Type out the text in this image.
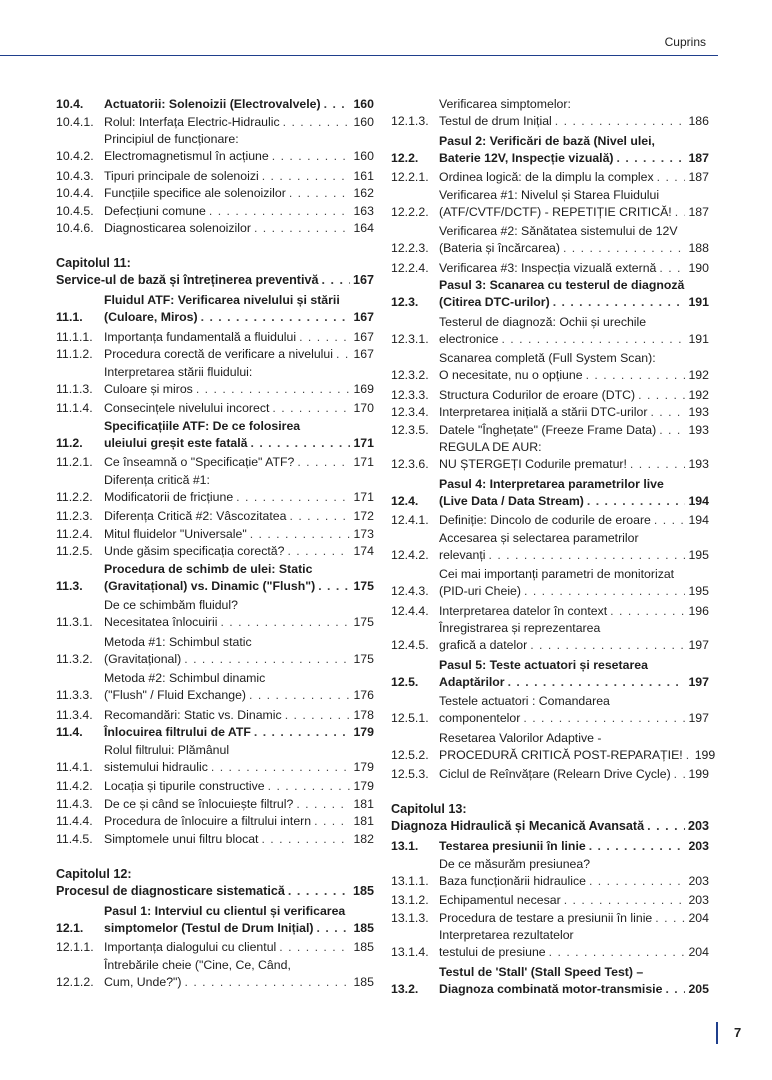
Cuprins
10.4.	Actuatorii: Solenoizii (Electrovalvele) . . .	160
10.4.1. Rolul: Interfața Electric-Hidraulic . . .	160
10.4.2.
Principiul de funcționare:
Electromagnetismul în acțiune . . .	160
10.4.3. Tipuri principale de solenoizi . . .	161
10.4.4. Funcțiile specifice ale solenoizilor . . .	162
10.4.5. Defecțiuni comune . . .	163
10.4.6. Diagnosticarea solenoizilor . . .	164
Capitolul 11:
Service-ul de bază și întreținerea preventivă . . .	167
11.1.
Fluidul ATF: Verificarea nivelului și stării
(Culoare, Miros) . . .	167
11.1.1. Importanța fundamentală a fluidului . . .	167
11.1.2. Procedura corectă de verificare a nivelului . . . 167
11.1.3.
Interpretarea stării fluidului:
Culoare și miros . . .	169
11.1.4. Consecințele nivelului incorect . . .	170
11.2.
Specificațiile ATF: De ce folosirea
uleiului greșit este fatală . . .	171
11.2.1. Ce înseamnă o "Specificație" ATF? . . .	171
11.2.2.
Diferența critică #1:
Modificatorii de fricțiune . . .	171
11.2.3. Diferența Critică #2: Vâscozitatea . . .	172
11.2.4. Mitul fluidelor "Universale" . . .	173
11.2.5. Unde găsim specificația corectă? . . .	174
11.3.
Procedura de schimb de ulei: Static
(Gravitațional) vs. Dinamic ("Flush") . . .	175
11.3.1.
De ce schimbăm fluidul?
Necesitatea înlocuirii . . .	175
11.3.2.
Metoda #1: Schimbul static
(Gravitațional) . . .	175
11.3.3.
Metoda #2: Schimbul dinamic
("Flush" / Fluid Exchange) . . .	176
11.3.4. Recomandări: Static vs. Dinamic . . .	178
11.4.	Înlocuirea filtrului de ATF . . .	179
11.4.1.
Rolul filtrului: Plămânul
sistemului hidraulic . . .	179
11.4.2. Locația și tipurile constructive . . .	179
11.4.3. De ce și când se înlocuiește filtrul? . . .	181
11.4.4. Procedura de înlocuire a filtrului intern . . .	181
11.4.5. Simptomele unui filtru blocat . . .	182
Capitolul 12:
Procesul de diagnosticare sistematică . . .	185
12.1.
Pasul 1: Interviul cu clientul și verificarea
simptomelor (Testul de Drum Inițial) . . .	185
12.1.1. Importanța dialogului cu clientul . . .	185
12.1.2.
Întrebările cheie ("Cine, Ce, Când,
Cum, Unde?") . . .	185
12.1.3.
Verificarea simptomelor:
Testul de drum Inițial . . .	186
12.2.
Pasul 2: Verificări de bază (Nivel ulei,
Baterie 12V, Inspecție vizuală) . . .	187
12.2.1. Ordinea logică: de la dimplu la complex . . .	187
12.2.2.
Verificarea #1: Nivelul și Starea Fluidului
(ATF/CVTF/DCTF) - REPETIȚIE CRITICĂ! . . . 187
12.2.3.
Verificarea #2: Sănătatea sistemului de 12V
(Bateria și încărcarea) . . .	188
12.2.4. Verificarea #3: Inspecția vizuală externă . . .	190
12.3.
Pasul 3: Scanarea cu testerul de diagnoză
(Citirea DTC-urilor) . . .	191
12.3.1.
Testerul de diagnoză: Ochii și urechile
electronice . . .	191
12.3.2.
Scanarea completă (Full System Scan):
O necesitate, nu o opțiune . . .	192
12.3.3. Structura Codurilor de eroare (DTC) . . .	192
12.3.4. Interpretarea inițială a stării DTC-urilor . . .	193
12.3.5. Datele "Înghețate" (Freeze Frame Data) . . .	193
12.3.6.
REGULA DE AUR:
NU ȘTERGEȚI Codurile prematur! . . .	193
12.4.
Pasul 4: Interpretarea parametrilor live
(Live Data / Data Stream) . . .	194
12.4.1. Definiție: Dincolo de codurile de eroare . . .	194
12.4.2.
Accesarea și selectarea parametrilor
relevanți . . .	195
12.4.3.
Cei mai importanți parametri de monitorizat
(PID-uri Cheie) . . .	195
12.4.4. Interpretarea datelor în context . . .	196
12.4.5.
Înregistrarea și reprezentarea
grafică a datelor . . .	197
12.5.
Pasul 5: Teste actuatori și resetarea
Adaptărilor . . .	197
12.5.1.
Testele actuatori : Comandarea
componentelor . . .	197
12.5.2.
Resetarea Valorilor Adaptive -
PROCEDURĂ CRITICĂ POST-REPARAȚIE! . . . 199
12.5.3. Ciclul de Reînvățare (Relearn Drive Cycle) . . . 199
Capitolul 13:
Diagnoza Hidraulică și Mecanică Avansată . . .	203
13.1.	Testarea presiunii în linie . . .	203
13.1.1.
De ce măsurăm presiunea?
Baza funcționării hidraulice . . .	203
13.1.2. Echipamentul necesar . . .	203
13.1.3. Procedura de testare a presiunii în linie . . .	204
13.1.4.
Interpretarea rezultatelor
testului de presiune . . .	204
13.2.
Testul de 'Stall' (Stall Speed Test) –
Diagnoza combinată motor-transmisie . . . 205
7
